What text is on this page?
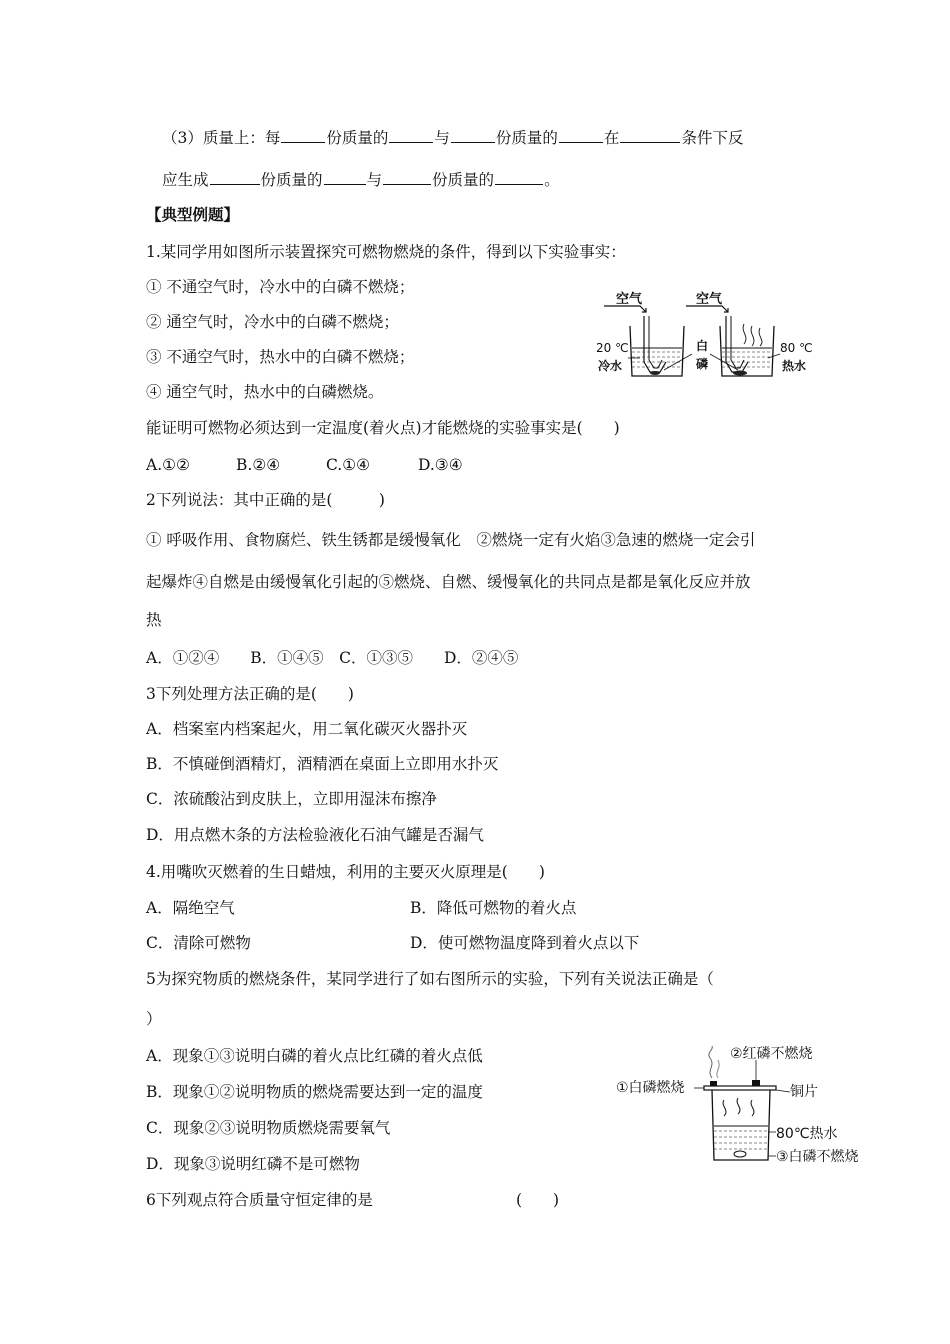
（3）质量上：每	份质量的	与	份质量的	在	条件下反
应生成	份质量的	与	份质量的	。
【典型例题】
1.某同学用如图所示装置探究可燃物燃烧的条件，得到以下实验事实：
① 不通空气时，冷水中的白磷不燃烧；
② 通空气时，冷水中的白磷不燃烧；
③ 不通空气时，热水中的白磷不燃烧；
④ 通空气时，热水中的白磷燃烧。
能证明可燃物必须达到一定温度(着火点)才能燃烧的实验事实是(　　)
A.①②	B.②④	C.①④	D.③④
空气	空气
20 ℃
冷水
白
磷
80 ℃
热水
2下列说法：其中正确的是(　　　)
① 呼吸作用、食物腐烂、铁生锈都是缓慢氧化　②燃烧一定有火焰③急速的燃烧一定会引
起爆炸④自燃是由缓慢氧化引起的⑤燃烧、自燃、缓慢氧化的共同点是都是氧化反应并放
热
A．①②④　　B．①④⑤　C．①③⑤　　D．②④⑤
3下列处理方法正确的是(　　)
A．档案室内档案起火，用二氧化碳灭火器扑灭
B．不慎碰倒酒精灯，酒精洒在桌面上立即用水扑灭
C．浓硫酸沾到皮肤上，立即用湿沫布擦净
D．用点燃木条的方法检验液化石油气罐是否漏气
4.用嘴吹灭燃着的生日蜡烛，利用的主要灭火原理是(　　)
A．隔绝空气	B．降低可燃物的着火点
C．清除可燃物	D．使可燃物温度降到着火点以下
5为探究物质的燃烧条件，某同学进行了如右图所示的实验，下列有关说法正确是（
）
A．现象①③说明白磷的着火点比红磷的着火点低
B．现象①②说明物质的燃烧需要达到一定的温度
C．现象②③说明物质燃烧需要氧气
D．现象③说明红磷不是可燃物
②红磷不燃烧
①白磷燃烧	铜片
80℃热水
③白磷不燃烧
6下列观点符合质量守恒定律的是	(　　)
